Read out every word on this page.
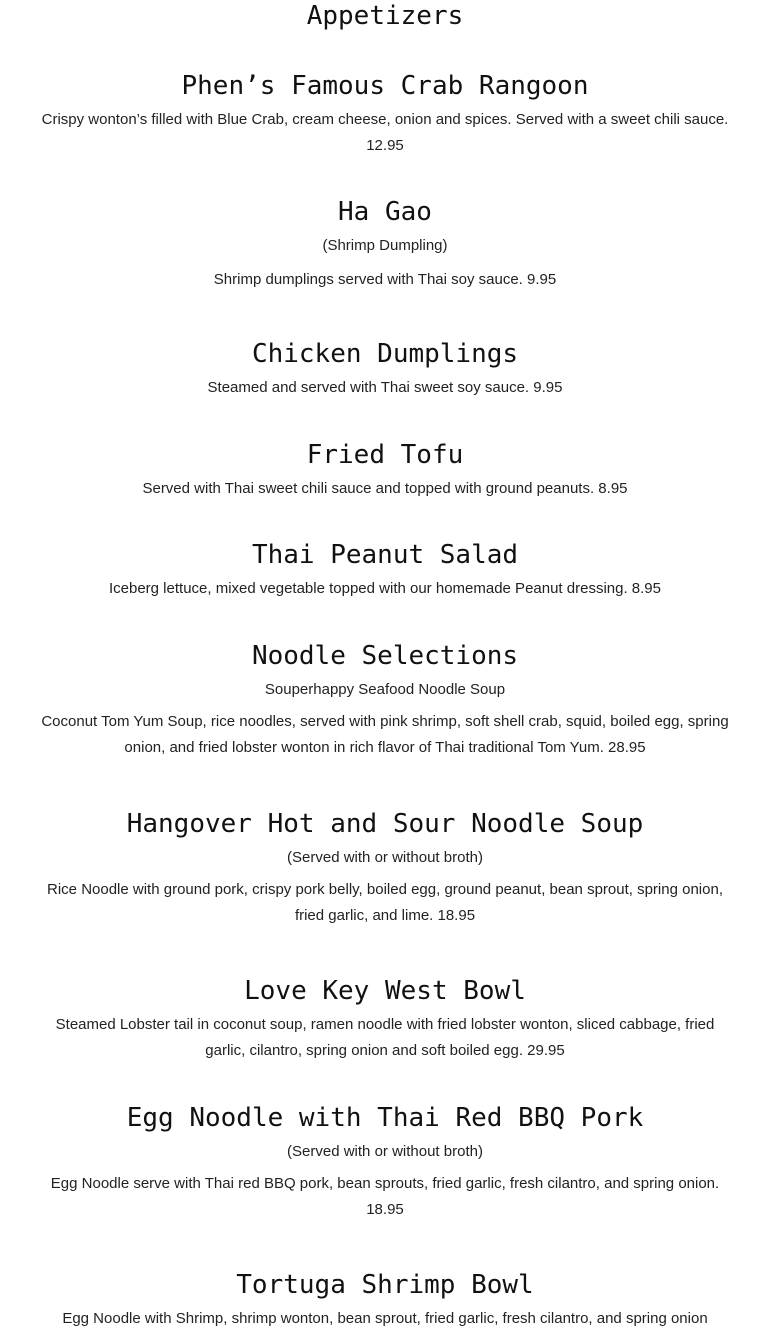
Appetizers
Phen’s Famous Crab Rangoon
Crispy wonton’s filled with Blue Crab, cream cheese, onion and spices. Served with a sweet chili sauce. 12.95
Ha Gao
(Shrimp Dumpling)
Shrimp dumplings served with Thai soy sauce. 9.95
Chicken Dumplings
Steamed and served with Thai sweet soy sauce. 9.95
Fried Tofu
Served with Thai sweet chili sauce and topped with ground peanuts. 8.95
Thai Peanut Salad
Iceberg lettuce, mixed vegetable topped with our homemade Peanut dressing. 8.95
Noodle Selections
Souperhappy Seafood Noodle Soup
Coconut Tom Yum Soup, rice noodles, served with pink shrimp, soft shell crab, squid, boiled egg, spring onion, and fried lobster wonton in rich flavor of Thai traditional Tom Yum. 28.95
Hangover Hot and Sour Noodle Soup
(Served with or without broth)
Rice Noodle with ground pork, crispy pork belly, boiled egg, ground peanut, bean sprout, spring onion, fried garlic, and lime. 18.95
Love Key West Bowl
Steamed Lobster tail in coconut soup, ramen noodle with fried lobster wonton, sliced cabbage, fried garlic, cilantro, spring onion and soft boiled egg. 29.95
Egg Noodle with Thai Red BBQ Pork
(Served with or without broth)
Egg Noodle serve with Thai red BBQ pork, bean sprouts, fried garlic, fresh cilantro, and spring onion. 18.95
Tortuga Shrimp Bowl
Egg Noodle with Shrimp, shrimp wonton, bean sprout, fried garlic, fresh cilantro, and spring onion
